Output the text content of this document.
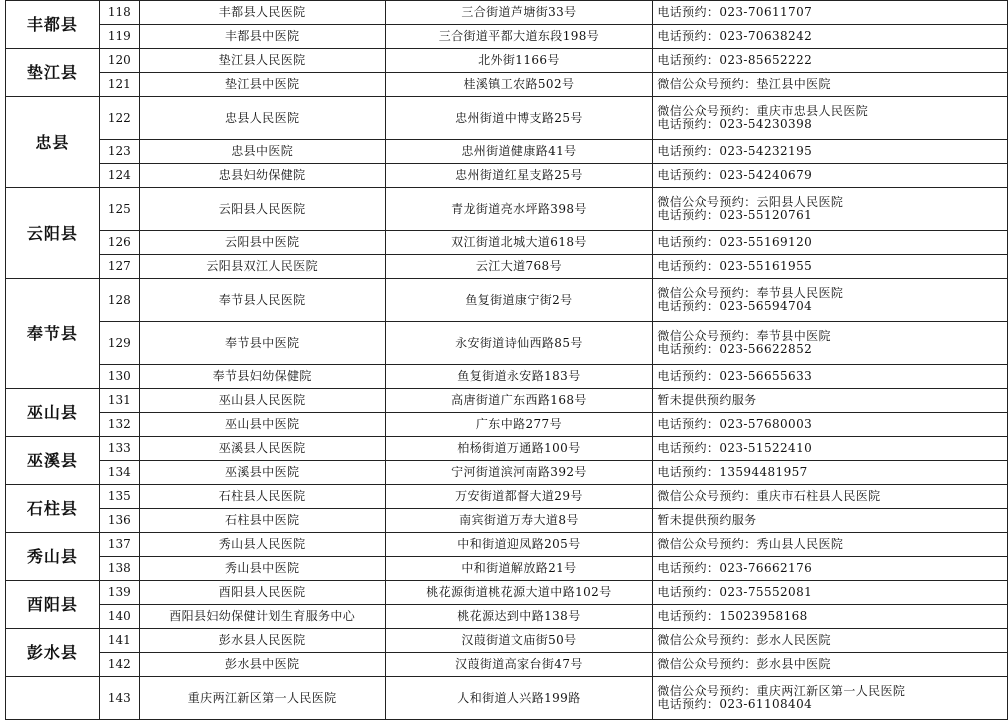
丰都县	118	丰都县人民医院	三合街道芦塘街33号	电话预约：023-70611707

	119	丰都县中医院	三合街道平都大道东段198号	电话预约：023-70638242

垫江县	120	垫江县人民医院	北外街1166号	电话预约：023-85652222

	121	垫江县中医院	桂溪镇工农路502号	微信公众号预约：垫江县中医院

忠县	122	忠县人民医院	忠州街道中博支路25号	微信公众号预约：重庆市忠县人民医院
电话预约：023-54230398

	123	忠县中医院	忠州街道健康路41号	电话预约：023-54232195

	124	忠县妇幼保健院	忠州街道红星支路25号	电话预约：023-54240679

云阳县	125	云阳县人民医院	青龙街道亮水坪路398号	微信公众号预约：云阳县人民医院
电话预约：023-55120761

	126	云阳县中医院	双江街道北城大道618号	电话预约：023-55169120

	127	云阳县双江人民医院	云江大道768号	电话预约：023-55161955

奉节县	128	奉节县人民医院	鱼复街道康宁街2号	微信公众号预约：奉节县人民医院
电话预约：023-56594704

	129	奉节县中医院	永安街道诗仙西路85号	微信公众号预约：奉节县中医院
电话预约：023-56622852

	130	奉节县妇幼保健院	鱼复街道永安路183号	电话预约：023-56655633

巫山县	131	巫山县人民医院	高唐街道广东西路168号	暂未提供预约服务

	132	巫山县中医院	广东中路277号	电话预约：023-57680003

巫溪县	133	巫溪县人民医院	柏杨街道万通路100号	电话预约：023-51522410

	134	巫溪县中医院	宁河街道滨河南路392号	电话预约：13594481957

石柱县	135	石柱县人民医院	万安街道都督大道29号	微信公众号预约：重庆市石柱县人民医院

	136	石柱县中医院	南宾街道万寿大道8号	暂未提供预约服务

秀山县	137	秀山县人民医院	中和街道迎凤路205号	微信公众号预约：秀山县人民医院

	138	秀山县中医院	中和街道解放路21号	电话预约：023-76662176

酉阳县	139	酉阳县人民医院	桃花源街道桃花源大道中路102号	电话预约：023-75552081

	140	酉阳县妇幼保健计划生育服务中心	桃花源达到中路138号	电话预约：15023958168

彭水县	141	彭水县人民医院	汉葭街道文庙街50号	微信公众号预约：彭水人民医院

	142	彭水县中医院	汉葭街道高家台街47号	微信公众号预约：彭水县中医院

	143	重庆两江新区第一人民医院	人和街道人兴路199路	微信公众号预约：重庆两江新区第一人民医院
电话预约：023-61108404
